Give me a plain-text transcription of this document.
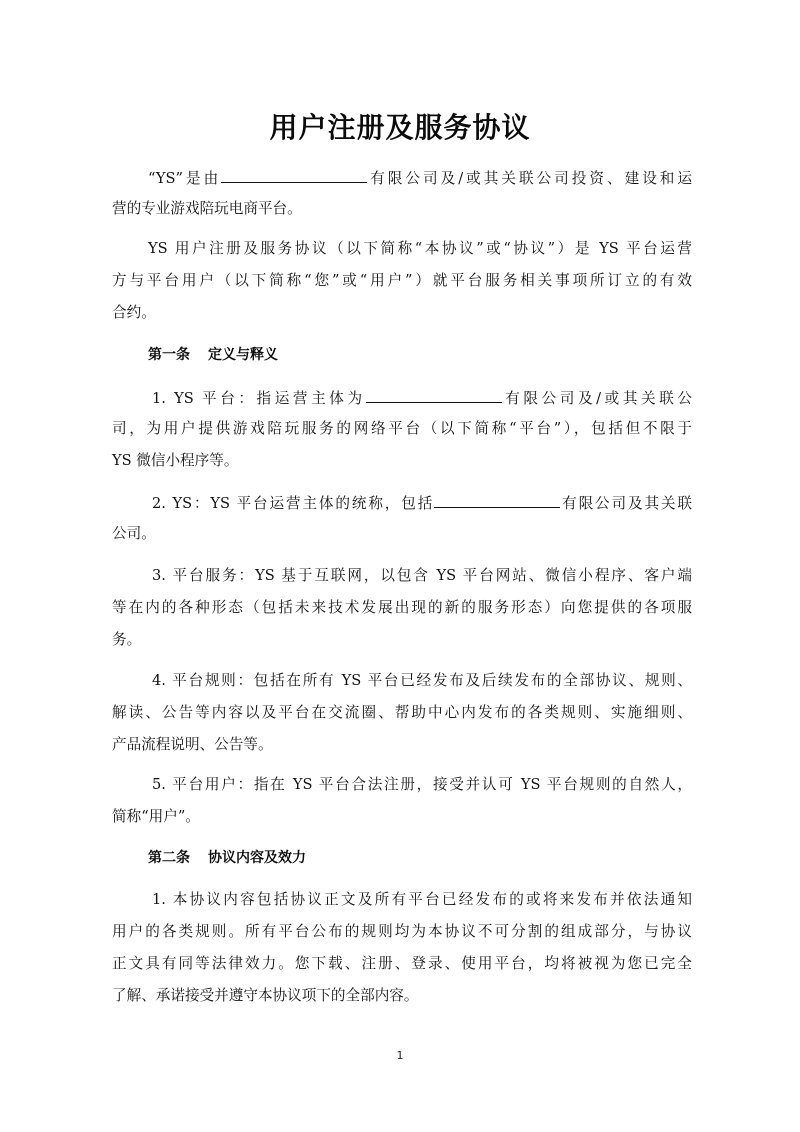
用户注册及服务协议
“YS”是由	有限公司及/或其关联公司投资、建设和运
营的专业游戏陪玩电商平台。
YS 用户注册及服务协议（以下简称“本协议”或“协议”）是 YS 平台运营
方与平台用户（以下简称“您”或“用户”）就平台服务相关事项所订立的有效
合约。
第一条 定义与释义
1. YS 平台：指运营主体为	有限公司及/或其关联公
司，为用户提供游戏陪玩服务的网络平台（以下简称“平台”），包括但不限于
YS 微信小程序等。
2. YS：YS 平台运营主体的统称，包括	有限公司及其关联
公司。
3. 平台服务：YS 基于互联网，以包含 YS 平台网站、微信小程序、客户端
等在内的各种形态（包括未来技术发展出现的新的服务形态）向您提供的各项服
务。
4. 平台规则：包括在所有 YS 平台已经发布及后续发布的全部协议、规则、
解读、公告等内容以及平台在交流圈、帮助中心内发布的各类规则、实施细则、
产品流程说明、公告等。
5. 平台用户：指在 YS 平台合法注册，接受并认可 YS 平台规则的自然人，
简称“用户”。
第二条 协议内容及效力
1. 本协议内容包括协议正文及所有平台已经发布的或将来发布并依法通知
用户的各类规则。所有平台公布的规则均为本协议不可分割的组成部分，与协议
正文具有同等法律效力。您下载、注册、登录、使用平台，均将被视为您已完全
了解、承诺接受并遵守本协议项下的全部内容。
1
